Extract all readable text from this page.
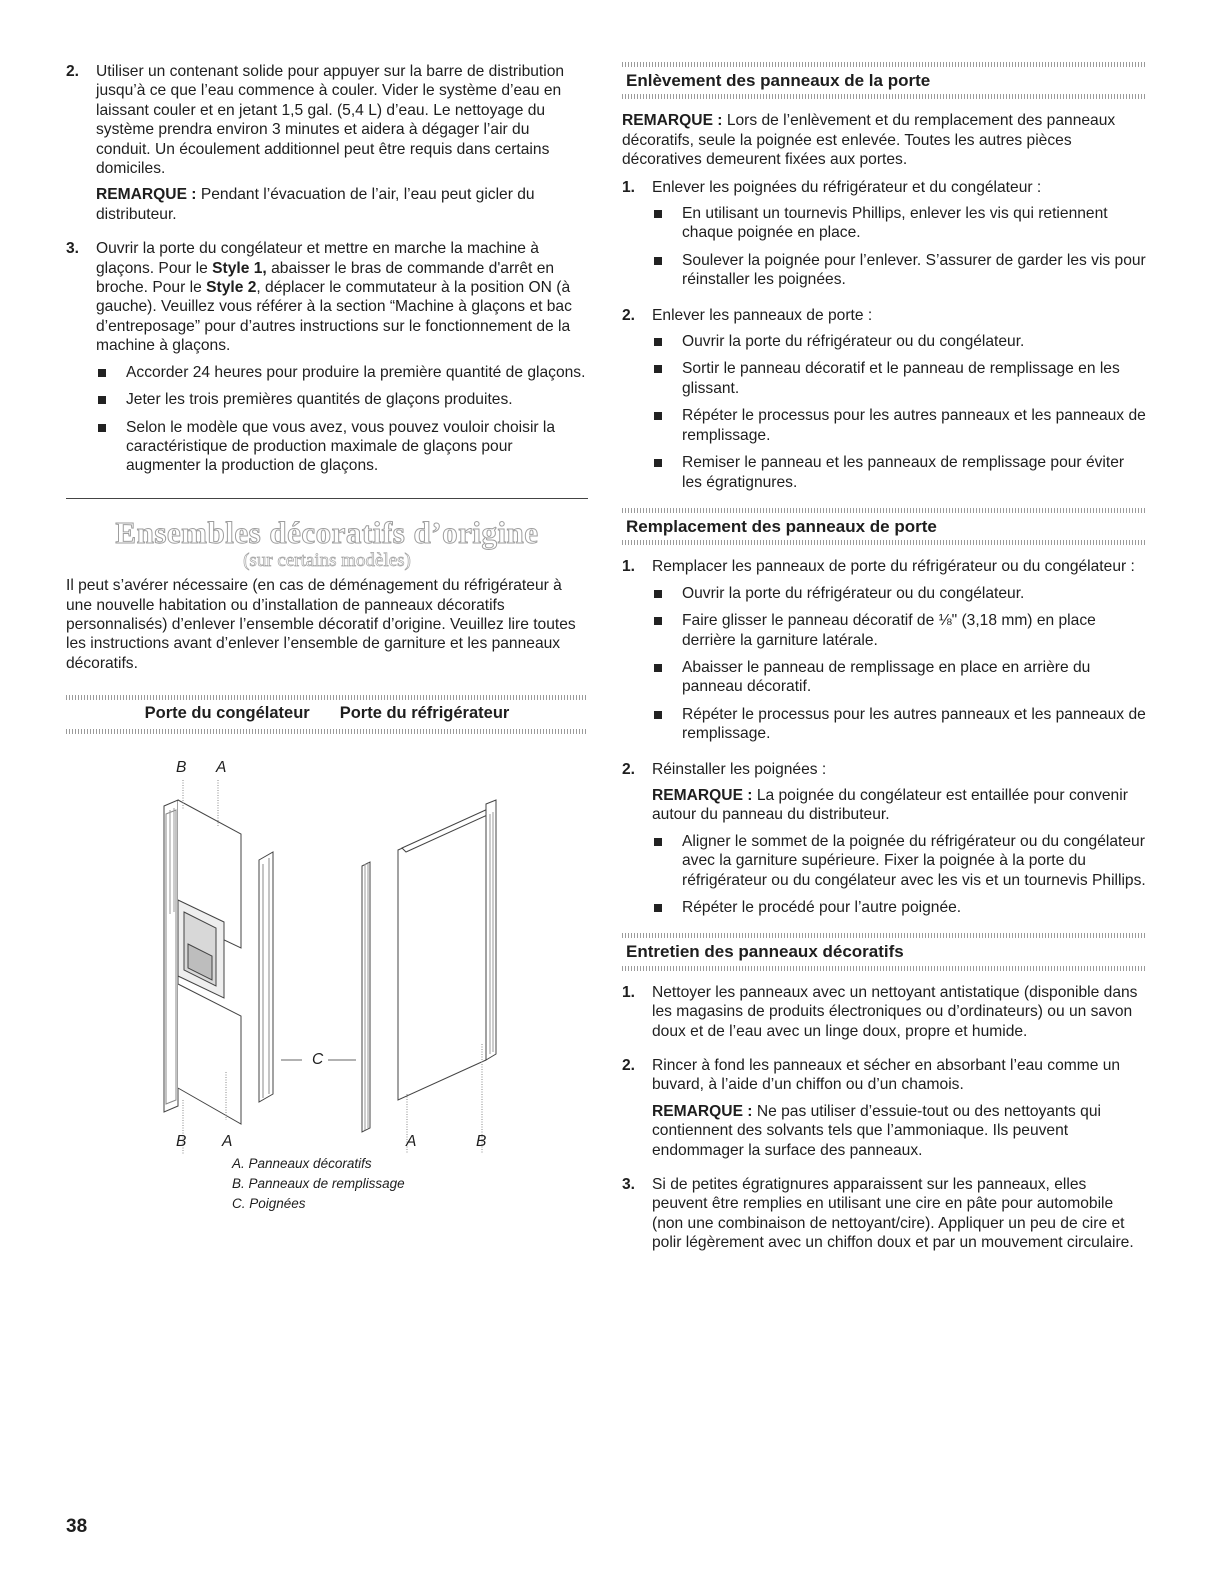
2.	Utiliser un contenant solide pour appuyer sur la barre de distribution jusqu’à ce que l’eau commence à couler. Vider le système d’eau en laissant couler et en jetant 1,5 gal. (5,4 L) d’eau. Le nettoyage du système prendra environ 3 minutes et aidera à dégager l’air du conduit. Un écoulement additionnel peut être requis dans certains domiciles.

REMARQUE : Pendant l’évacuation de l’air, l’eau peut gicler du distributeur.

3.	Ouvrir la porte du congélateur et mettre en marche la machine à glaçons. Pour le Style 1, abaisser le bras de commande d'arrêt en broche. Pour le Style 2, déplacer le commutateur à la position ON (à gauche). Veuillez vous référer à la section “Machine à glaçons et bac d’entreposage” pour d’autres instructions sur le fonctionnement de la machine à glaçons.

Accorder 24 heures pour produire la première quantité de glaçons.
Jeter les trois premières quantités de glaçons produites.
Selon le modèle que vous avez, vous pouvez vouloir choisir la caractéristique de production maximale de glaçons pour augmenter la production de glaçons.
Ensembles décoratifs d’origine

(sur certains modèles)

Il peut s’avérer nécessaire (en cas de déménagement du réfrigérateur à une nouvelle habitation ou d’installation de panneaux décoratifs personnalisés) d’enlever l’ensemble décoratif d’origine. Veuillez lire toutes les instructions avant d’enlever l’ensemble de garniture et les panneaux décoratifs.

Porte du congélateur Porte du réfrigérateur
B A
C
B A	A	B
A. Panneaux décoratifs
B. Panneaux de remplissage
C. Poignées
Enlèvement des panneaux de la porte

REMARQUE : Lors de l’enlèvement et du remplacement des panneaux décoratifs, seule la poignée est enlevée. Toutes les autres pièces décoratives demeurent fixées aux portes.

1.	Enlever les poignées du réfrigérateur et du congélateur :

En utilisant un tournevis Phillips, enlever les vis qui retiennent chaque poignée en place.
Soulever la poignée pour l’enlever. S’assurer de garder les vis pour réinstaller les poignées.
2.	Enlever les panneaux de porte :

Ouvrir la porte du réfrigérateur ou du congélateur.
Sortir le panneau décoratif et le panneau de remplissage en les glissant.
Répéter le processus pour les autres panneaux et les panneaux de remplissage.
Remiser le panneau et les panneaux de remplissage pour éviter les égratignures.
Remplacement des panneaux de porte
1.	Remplacer les panneaux de porte du réfrigérateur ou du congélateur :

Ouvrir la porte du réfrigérateur ou du congélateur.
Faire glisser le panneau décoratif de ⅛" (3,18 mm) en place derrière la garniture latérale.
Abaisser le panneau de remplissage en place en arrière du panneau décoratif.
Répéter le processus pour les autres panneaux et les panneaux de remplissage.
2.	Réinstaller les poignées :

REMARQUE : La poignée du congélateur est entaillée pour convenir autour du panneau du distributeur.

Aligner le sommet de la poignée du réfrigérateur ou du congélateur avec la garniture supérieure. Fixer la poignée à la porte du réfrigérateur ou du congélateur avec les vis et un tournevis Phillips.
Répéter le procédé pour l’autre poignée.
Entretien des panneaux décoratifs
1.	Nettoyer les panneaux avec un nettoyant antistatique (disponible dans les magasins de produits électroniques ou d’ordinateurs) ou un savon doux et de l’eau avec un linge doux, propre et humide.

2.	Rincer à fond les panneaux et sécher en absorbant l’eau comme un buvard, à l’aide d’un chiffon ou d’un chamois.

REMARQUE : Ne pas utiliser d’essuie-tout ou des nettoyants qui contiennent des solvants tels que l’ammoniaque. Ils peuvent endommager la surface des panneaux.

3.	Si de petites égratignures apparaissent sur les panneaux, elles peuvent être remplies en utilisant une cire en pâte pour automobile (non une combinaison de nettoyant/cire). Appliquer un peu de cire et polir légèrement avec un chiffon doux et par un mouvement circulaire.

38
